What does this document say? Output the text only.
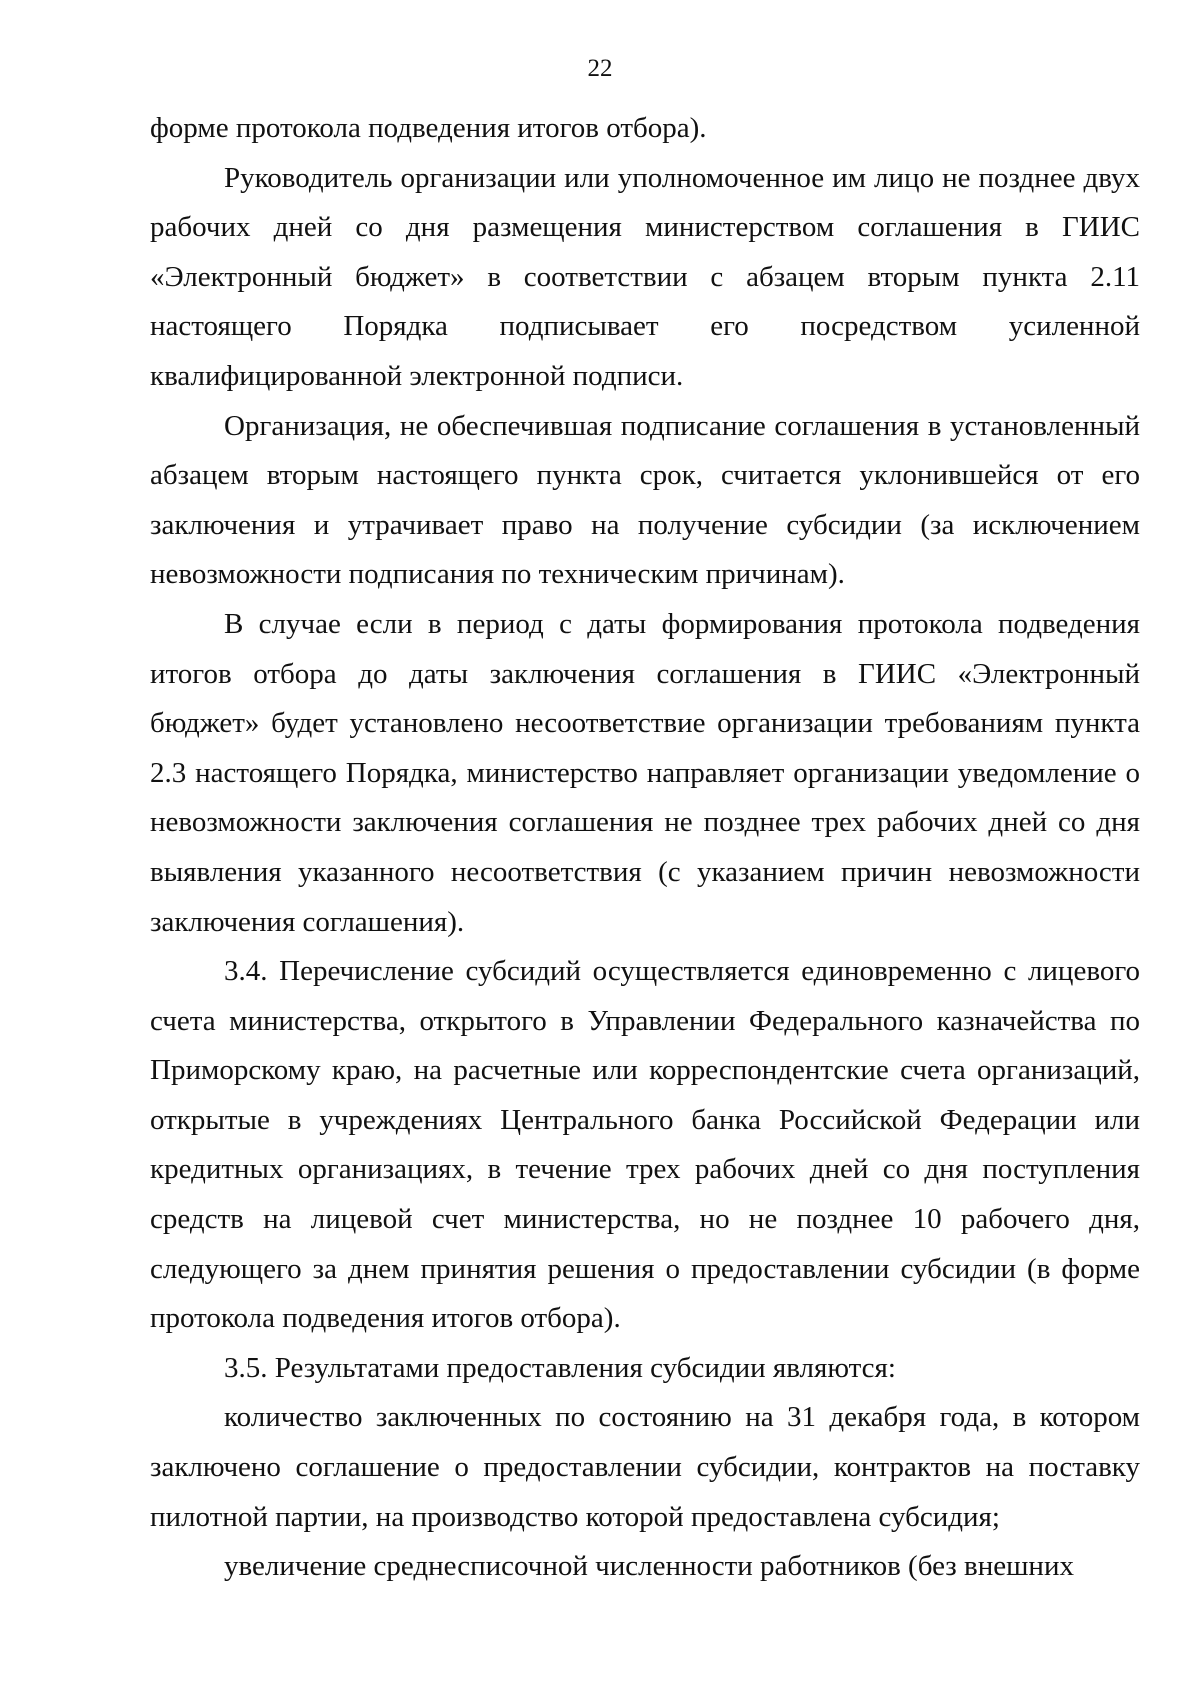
22

форме протокола подведения итогов отбора).

Руководитель организации или уполномоченное им лицо не позднее двух рабочих дней со дня размещения министерством соглашения в ГИИС «Электронный бюджет» в соответствии с абзацем вторым пункта 2.11 настоящего Порядка подписывает его посредством усиленной квалифицированной электронной подписи.

Организация, не обеспечившая подписание соглашения в установленный абзацем вторым настоящего пункта срок, считается уклонившейся от его заключения и утрачивает право на получение субсидии (за исключением невозможности подписания по техническим причинам).

В случае если в период с даты формирования протокола подведения итогов отбора до даты заключения соглашения в ГИИС «Электронный бюджет» будет установлено несоответствие организации требованиям пункта 2.3 настоящего Порядка, министерство направляет организации уведомление о невозможности заключения соглашения не позднее трех рабочих дней со дня выявления указанного несоответствия (с указанием причин невозможности заключения соглашения).

3.4. Перечисление субсидий осуществляется единовременно с лицевого счета министерства, открытого в Управлении Федерального казначейства по Приморскому краю, на расчетные или корреспондентские счета организаций, открытые в учреждениях Центрального банка Российской Федерации или кредитных организациях, в течение трех рабочих дней со дня поступления средств на лицевой счет министерства, но не позднее 10 рабочего дня, следующего за днем принятия решения о предоставлении субсидии (в форме протокола подведения итогов отбора).

3.5. Результатами предоставления субсидии являются:

количество заключенных по состоянию на 31 декабря года, в котором заключено соглашение о предоставлении субсидии, контрактов на поставку пилотной партии, на производство которой предоставлена субсидия;

увеличение среднесписочной численности работников (без внешних
